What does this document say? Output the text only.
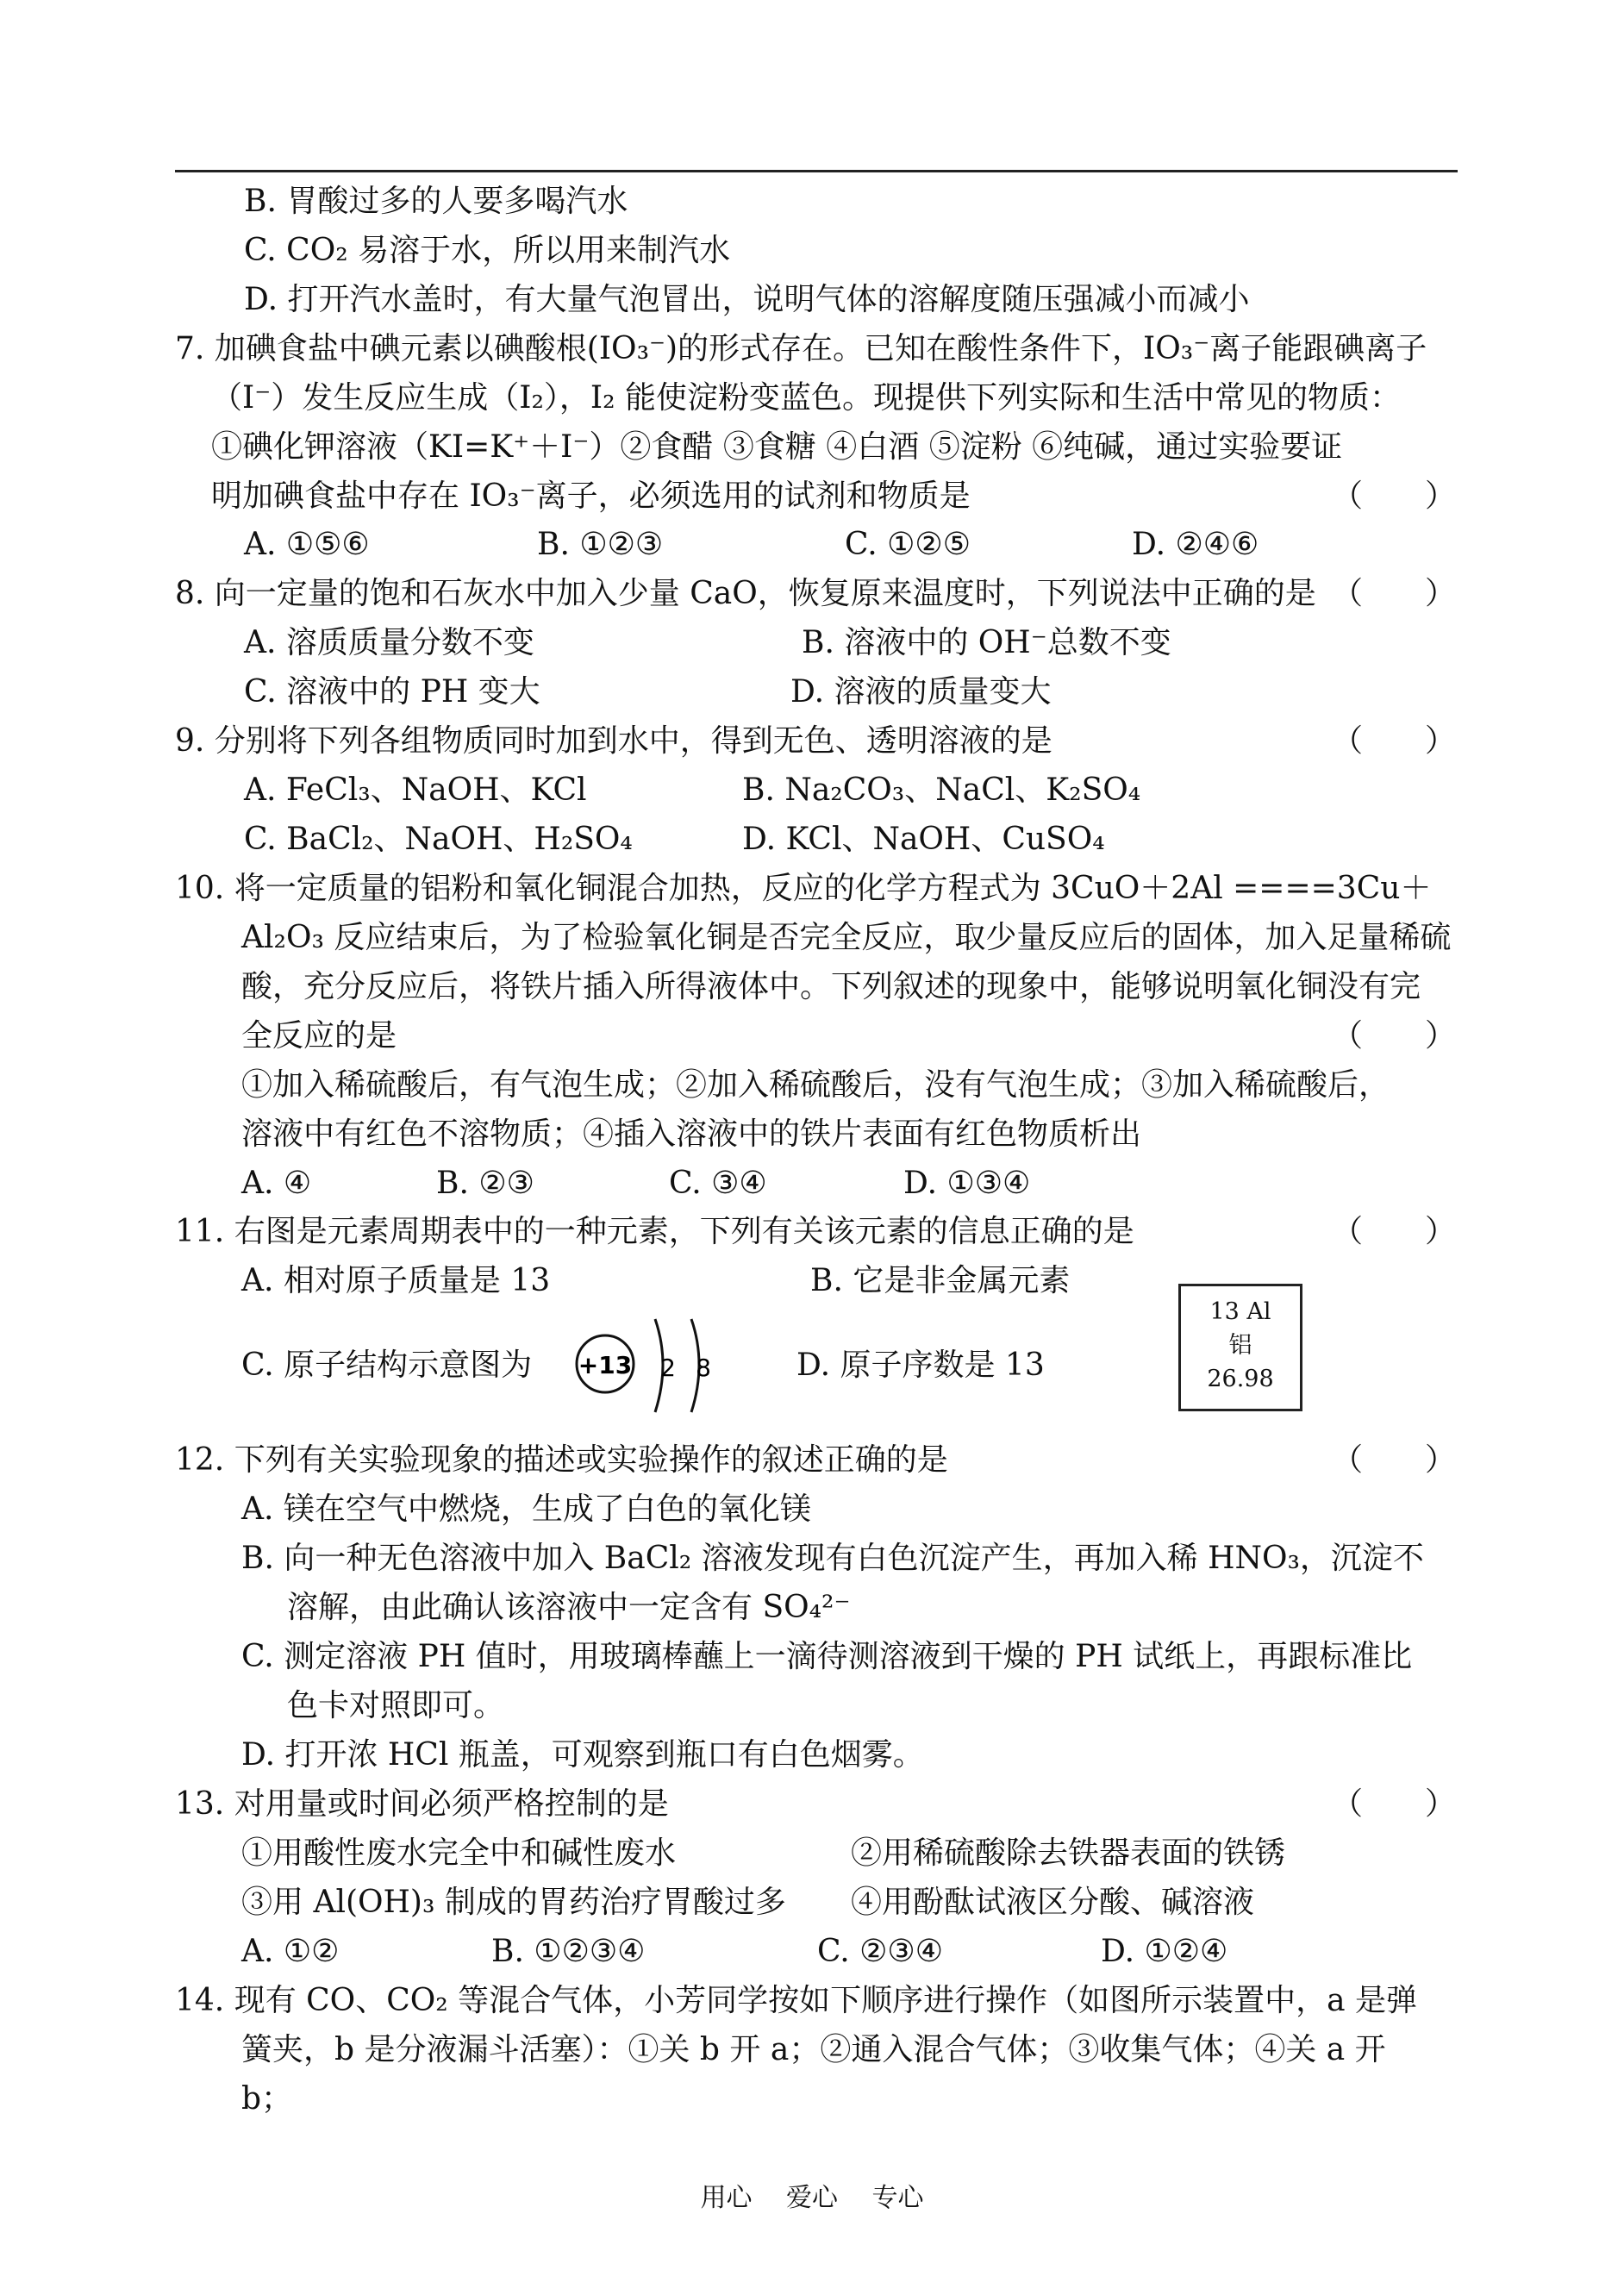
B. 胃酸过多的人要多喝汽水
C. CO₂ 易溶于水，所以用来制汽水
D. 打开汽水盖时，有大量气泡冒出，说明气体的溶解度随压强减小而减小
7. 加碘食盐中碘元素以碘酸根(IO₃⁻)的形式存在。已知在酸性条件下，IO₃⁻离子能跟碘离子
（I⁻）发生反应生成（I₂），I₂ 能使淀粉变蓝色。现提供下列实际和生活中常见的物质：
①碘化钾溶液（KI=K⁺＋I⁻）②食醋 ③食糖 ④白酒 ⑤淀粉 ⑥纯碱，通过实验要证
明加碘食盐中存在 IO₃⁻离子，必须选用的试剂和物质是	（　　）
A. ①⑤⑥	B. ①②③	C. ①②⑤	D. ②④⑥
8. 向一定量的饱和石灰水中加入少量 CaO，恢复原来温度时，下列说法中正确的是 （　　）
A. 溶质质量分数不变	B. 溶液中的 OH⁻总数不变
C. 溶液中的 PH 变大	D. 溶液的质量变大
9. 分别将下列各组物质同时加到水中，得到无色、透明溶液的是	（　　）
A. FeCl₃、NaOH、KCl	B. Na₂CO₃、NaCl、K₂SO₄
C. BaCl₂、NaOH、H₂SO₄	D. KCl、NaOH、CuSO₄
10. 将一定质量的铝粉和氧化铜混合加热，反应的化学方程式为 3CuO＋2Al ====3Cu＋
Al₂O₃ 反应结束后，为了检验氧化铜是否完全反应，取少量反应后的固体，加入足量稀硫
酸，充分反应后，将铁片插入所得液体中。下列叙述的现象中，能够说明氧化铜没有完
全反应的是	（　　）
①加入稀硫酸后，有气泡生成；②加入稀硫酸后，没有气泡生成；③加入稀硫酸后，
溶液中有红色不溶物质；④插入溶液中的铁片表面有红色物质析出
A. ④	B. ②③	C. ③④	D. ①③④
11. 右图是元素周期表中的一种元素，下列有关该元素的信息正确的是	（　　）
A. 相对原子质量是 13	B. 它是非金属元素
C. 原子结构示意图为 +13 2 8	D. 原子序数是 13
13 Al
铝
26.98
12. 下列有关实验现象的描述或实验操作的叙述正确的是	（　　）
A. 镁在空气中燃烧，生成了白色的氧化镁
B. 向一种无色溶液中加入 BaCl₂ 溶液发现有白色沉淀产生，再加入稀 HNO₃，沉淀不
溶解，由此确认该溶液中一定含有 SO₄²⁻
C. 测定溶液 PH 值时，用玻璃棒蘸上一滴待测溶液到干燥的 PH 试纸上，再跟标准比
色卡对照即可。
D. 打开浓 HCl 瓶盖，可观察到瓶口有白色烟雾。
13. 对用量或时间必须严格控制的是	（　　）
①用酸性废水完全中和碱性废水	②用稀硫酸除去铁器表面的铁锈
③用 Al(OH)₃ 制成的胃药治疗胃酸过多 ④用酚酞试液区分酸、碱溶液
A. ①②	B. ①②③④	C. ②③④	D. ①②④
14. 现有 CO、CO₂ 等混合气体，小芳同学按如下顺序进行操作（如图所示装置中，a 是弹
簧夹，b 是分液漏斗活塞）：①关 b 开 a；②通入混合气体；③收集气体；④关 a 开
b；
用心 爱心 专心
